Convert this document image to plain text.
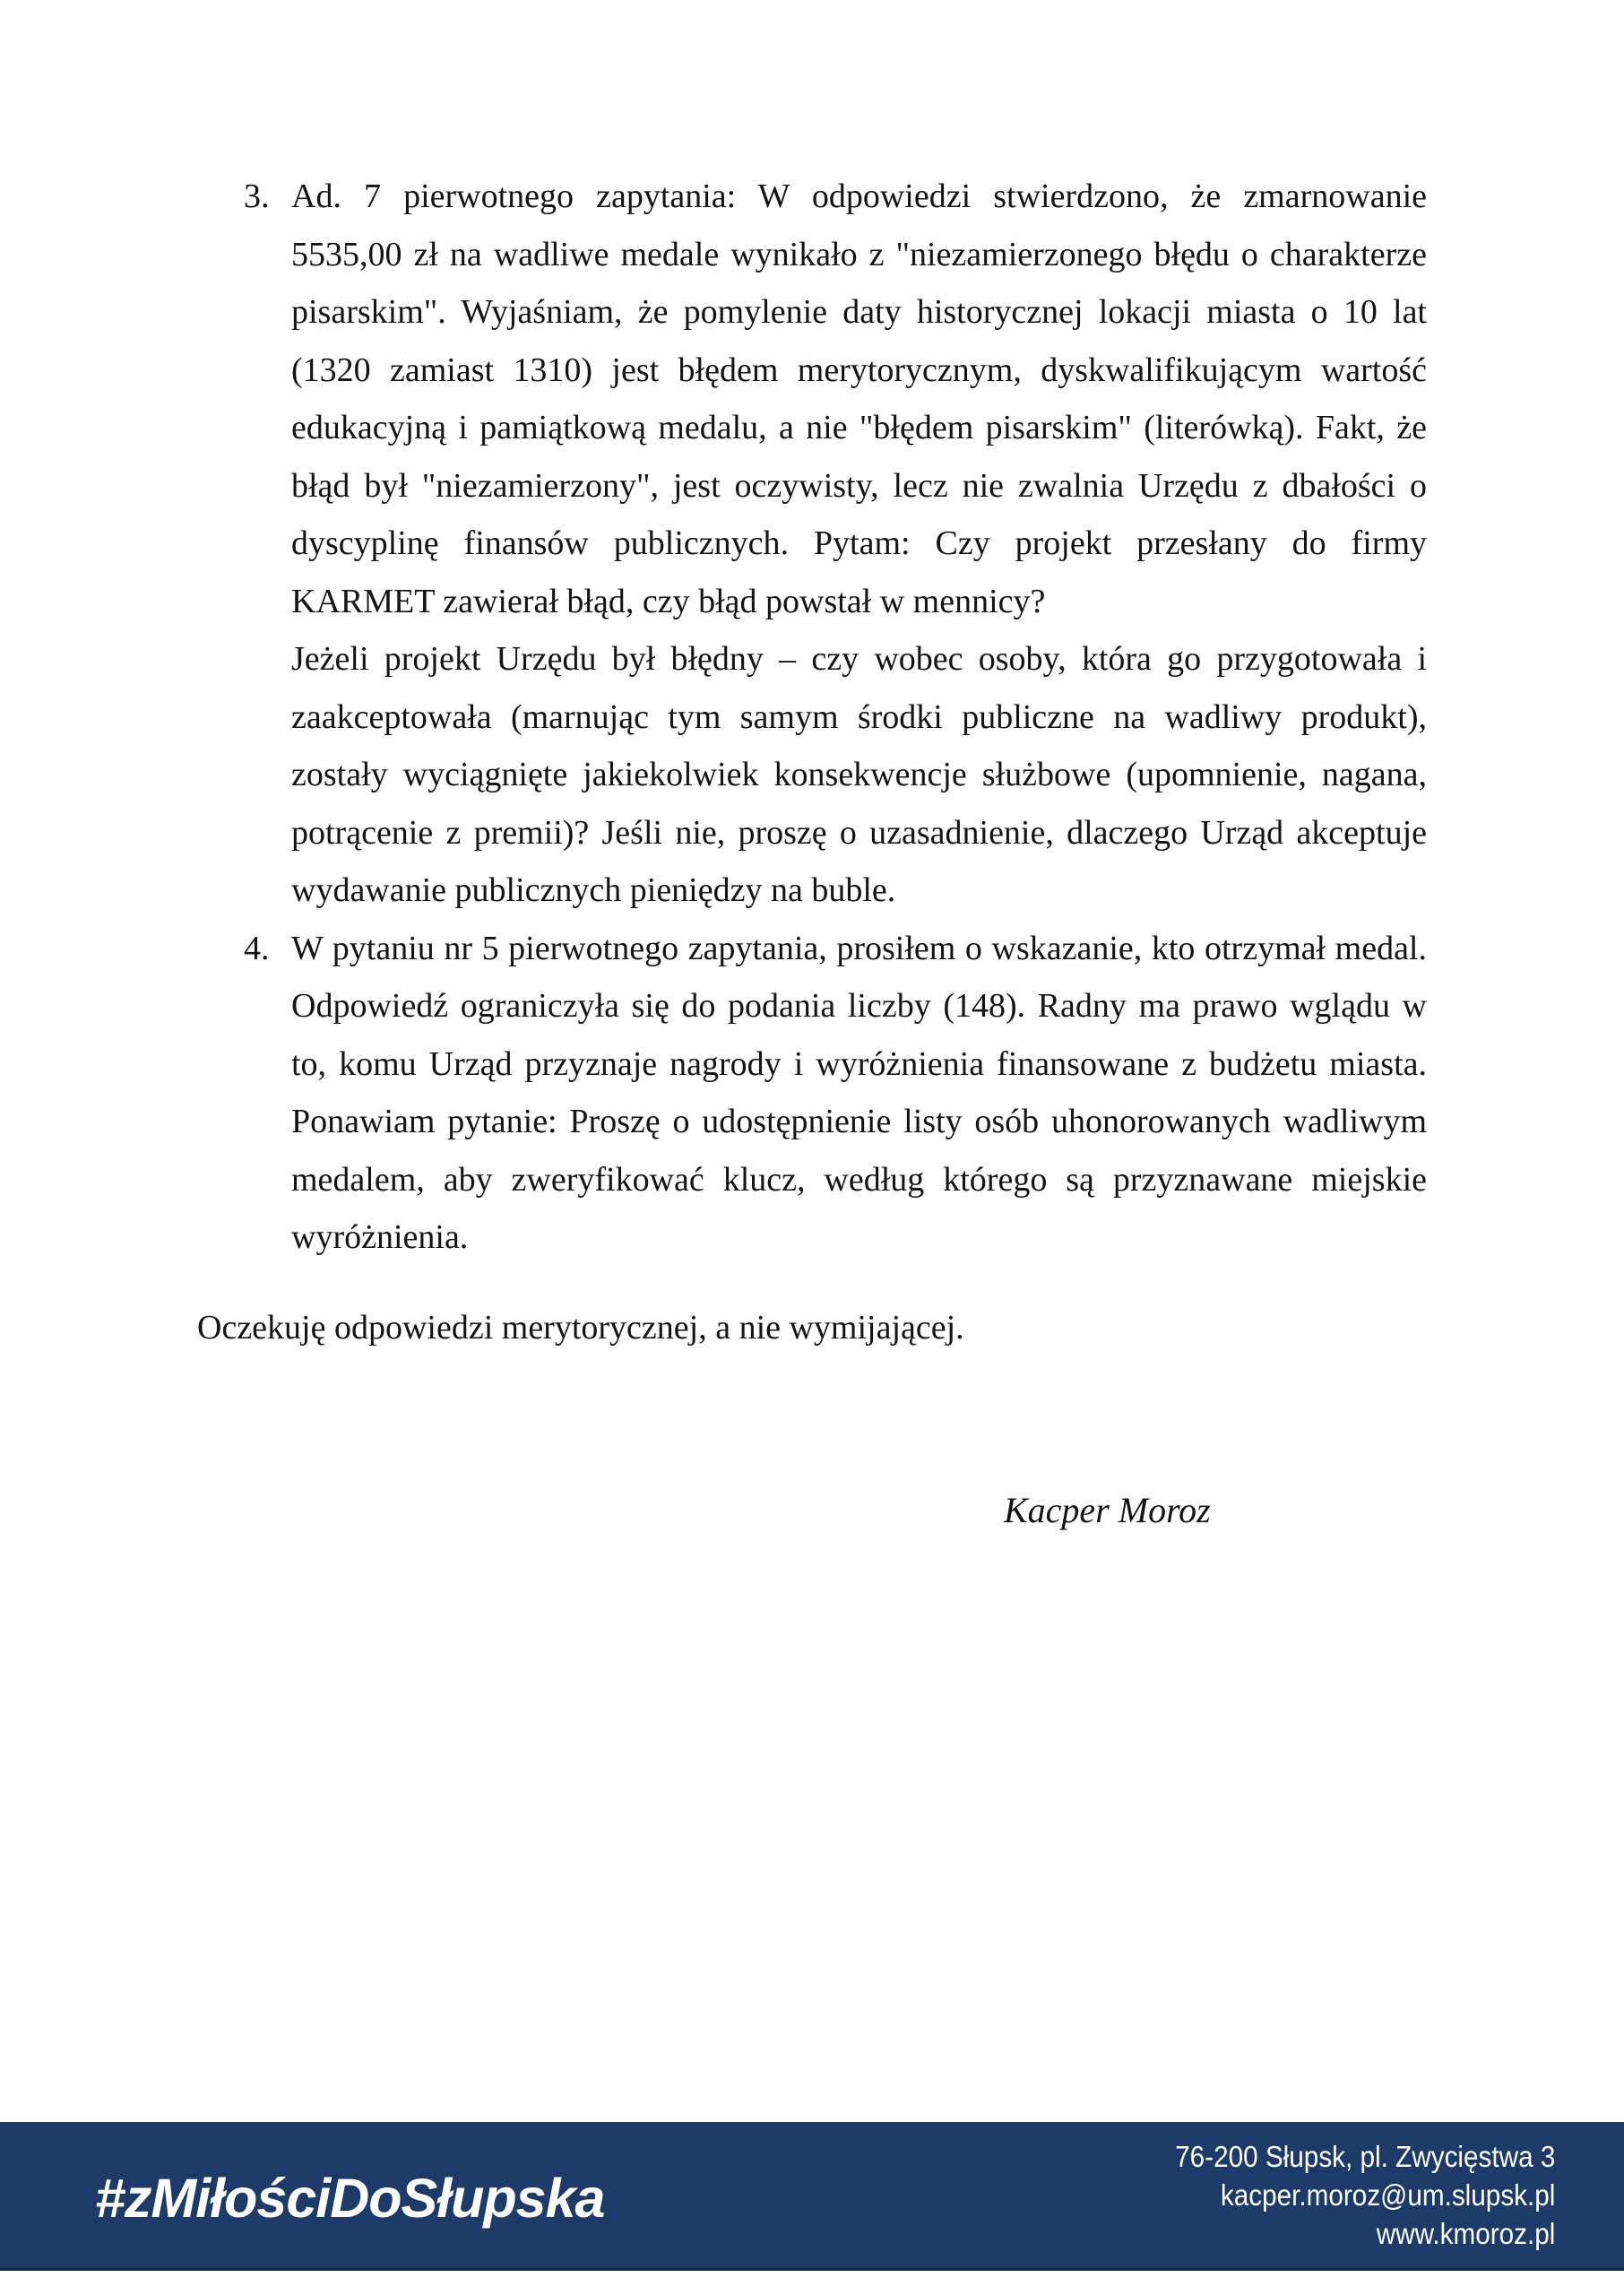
3. Ad. 7 pierwotnego zapytania: W odpowiedzi stwierdzono, że zmarnowanie 5535,00 zł na wadliwe medale wynikało z "niezamierzonego błędu o charakterze pisarskim". Wyjaśniam, że pomylenie daty historycznej lokacji miasta o 10 lat (1320 zamiast 1310) jest błędem merytorycznym, dyskwalifikującym wartość edukacyjną i pamiątkową medalu, a nie "błędem pisarskim" (literówką). Fakt, że błąd był "niezamierzony", jest oczywisty, lecz nie zwalnia Urzędu z dbałości o dyscyplinę finansów publicznych. Pytam: Czy projekt przesłany do firmy KARMET zawierał błąd, czy błąd powstał w mennicy?

Jeżeli projekt Urzędu był błędny – czy wobec osoby, która go przygotowała i zaakceptowała (marnując tym samym środki publiczne na wadliwy produkt), zostały wyciągnięte jakiekolwiek konsekwencje służbowe (upomnienie, nagana, potrącenie z premii)? Jeśli nie, proszę o uzasadnienie, dlaczego Urząd akceptuje wydawanie publicznych pieniędzy na buble.

4. W pytaniu nr 5 pierwotnego zapytania, prosiłem o wskazanie, kto otrzymał medal. Odpowiedź ograniczyła się do podania liczby (148). Radny ma prawo wglądu w to, komu Urząd przyznaje nagrody i wyróżnienia finansowane z budżetu miasta. Ponawiam pytanie: Proszę o udostępnienie listy osób uhonorowanych wadliwym medalem, aby zweryfikować klucz, według którego są przyznawane miejskie wyróżnienia.

Oczekuję odpowiedzi merytorycznej, a nie wymijającej.
Kacper Moroz
#zMiłościDoSłupska
76-200 Słupsk, pl. Zwycięstwa 3
kacper.moroz@um.slupsk.pl
www.kmoroz.pl
